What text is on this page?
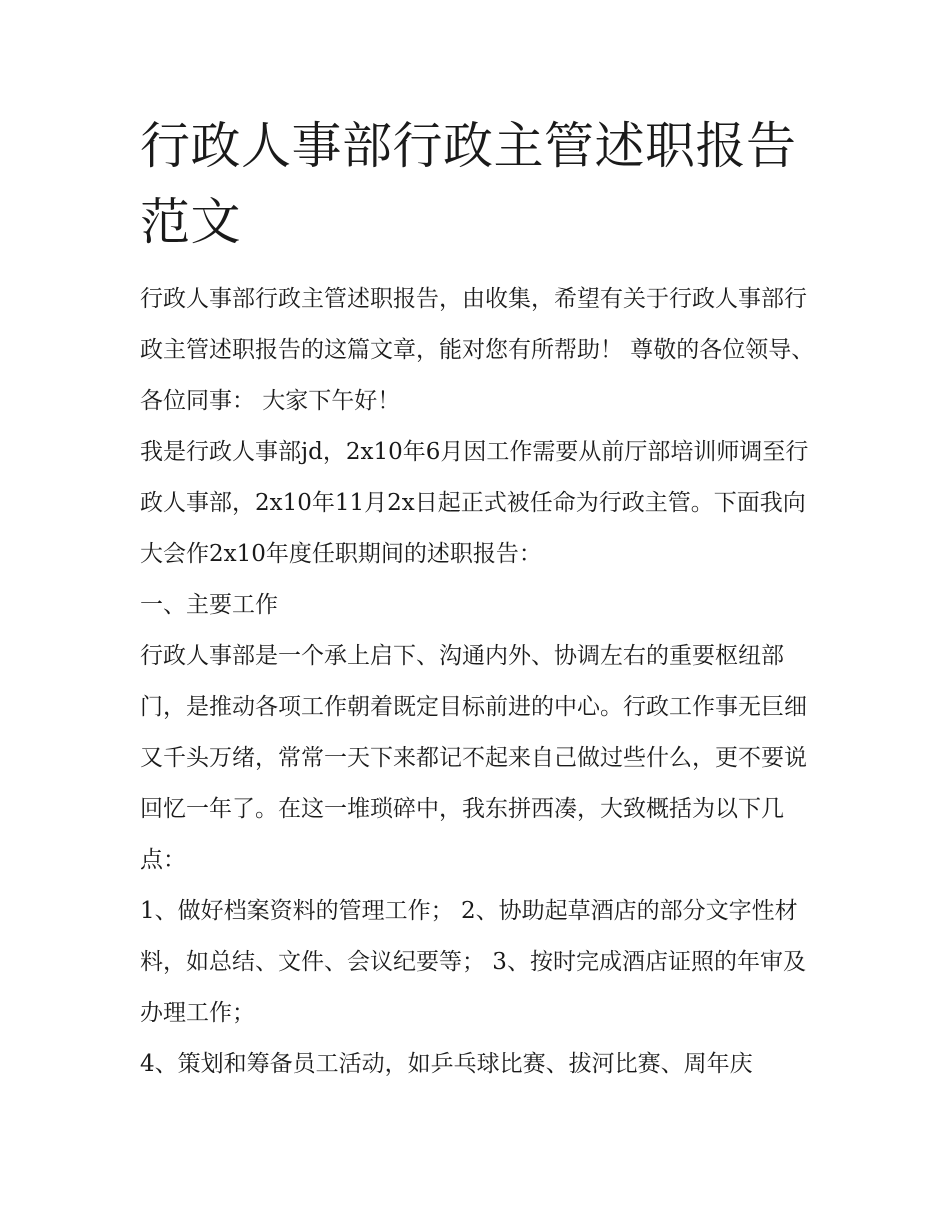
行政人事部行政主管述职报告范文

行政人事部行政主管述职报告，由收集，希望有关于行政人事部行政主管述职报告的这篇文章，能对您有所帮助！ 尊敬的各位领导、各位同事： 大家下午好！

我是行政人事部jd，2x10年6月因工作需要从前厅部培训师调至行政人事部，2x10年11月2x日起正式被任命为行政主管。下面我向大会作2x10年度任职期间的述职报告：

一、主要工作

行政人事部是一个承上启下、沟通内外、协调左右的重要枢纽部门，是推动各项工作朝着既定目标前进的中心。行政工作事无巨细又千头万绪，常常一天下来都记不起来自己做过些什么，更不要说回忆一年了。在这一堆琐碎中，我东拼西凑，大致概括为以下几点：

1、做好档案资料的管理工作； 2、协助起草酒店的部分文字性材料，如总结、文件、会议纪要等； 3、按时完成酒店证照的年审及办理工作；

4、策划和筹备员工活动，如乒乓球比赛、拔河比赛、周年庆
